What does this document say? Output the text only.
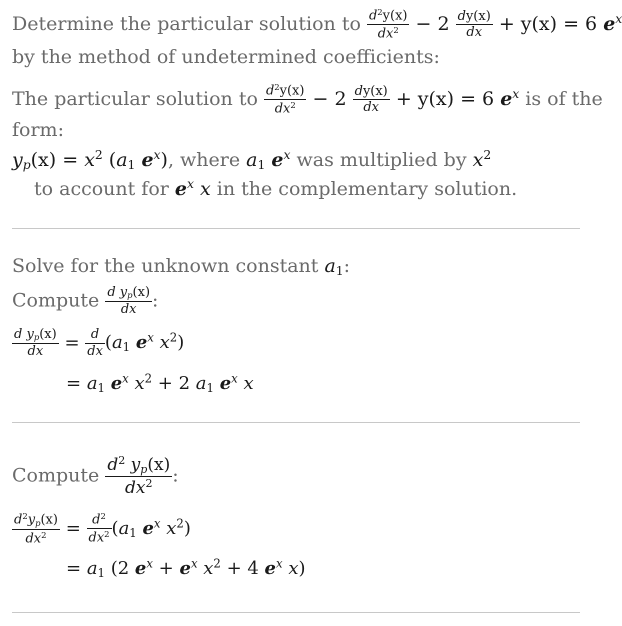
Determine the particular solution to $\frac{d^2y(x)}{dx^2} - 2 \frac{dy(x)}{dx} + y(x) = 6$ $e^x$
by the method of undetermined coefficients:
The particular solution to $\frac{d^2y(x)}{dx^2} - 2 \frac{dy(x)}{dx} + y(x) = 6$ $e^x$ is of the
form:
$y_p(x) = x^2$ ($a_1$ $e^x$), where $a_1$ $e^x$ was multiplied by $x^2$
to account for $e^x$ x in the complementary solution.
Solve for the unknown constant $a_1$:
Compute $\frac{d y_p(x)}{dx}$ :
$\frac{d y_p(x)}{dx} = \frac{d}{dx} (a_1$ $e^x$ $x^2$)
= $a_1$ $e^x$ $x^2 + 2$ $a_1$ $e^x$ x
Compute $\frac{d^2 y_p(x)}{dx^2}$ :
$\frac{d^2y_p(x)}{dx^2} = \frac{d^2}{dx^2} (a_1$ $e^x$ $x^2$)
= $a_1$ (2 $e^x + e^x$ $x^2 + 4$ $e^x$ x)
